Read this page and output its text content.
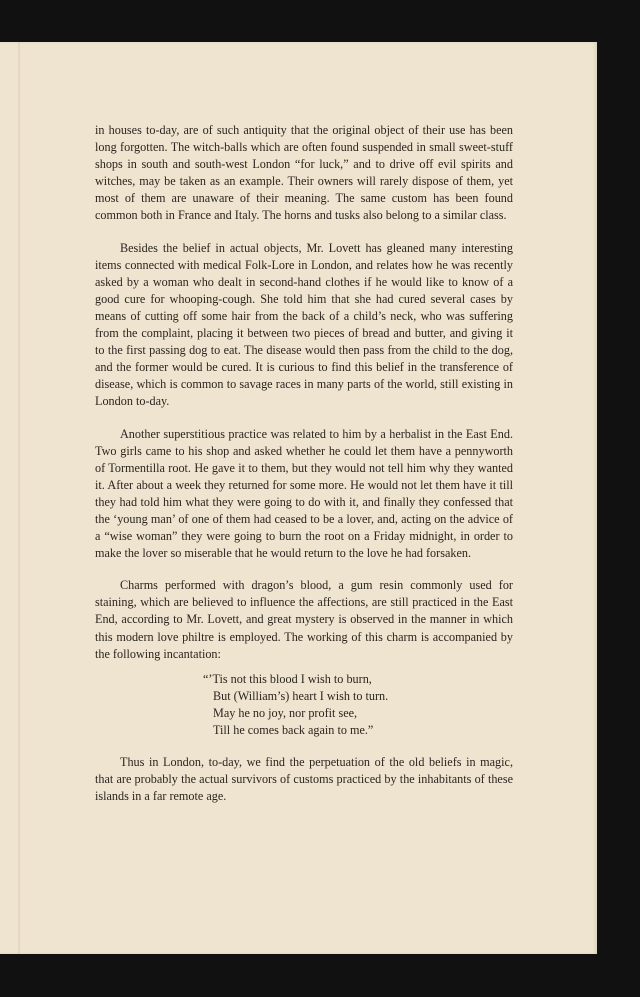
in houses to-day, are of such antiquity that the original object of their use has been long forgotten. The witch-balls which are often found suspended in small sweet-stuff shops in south and south-west London “for luck,” and to drive off evil spirits and witches, may be taken as an example. Their owners will rarely dispose of them, yet most of them are unaware of their meaning. The same custom has been found common both in France and Italy. The horns and tusks also belong to a similar class.

Besides the belief in actual objects, Mr. Lovett has gleaned many interesting items connected with medical Folk-Lore in London, and relates how he was recently asked by a woman who dealt in second-hand clothes if he would like to know of a good cure for whooping-cough. She told him that she had cured several cases by means of cutting off some hair from the back of a child’s neck, who was suffering from the complaint, placing it between two pieces of bread and butter, and giving it to the first passing dog to eat. The disease would then pass from the child to the dog, and the former would be cured. It is curious to find this belief in the transference of disease, which is common to savage races in many parts of the world, still existing in London to-day.

Another superstitious practice was related to him by a herbalist in the East End. Two girls came to his shop and asked whether he could let them have a pennyworth of Tormentilla root. He gave it to them, but they would not tell him why they wanted it. After about a week they returned for some more. He would not let them have it till they had told him what they were going to do with it, and finally they confessed that the ‘young man’ of one of them had ceased to be a lover, and, acting on the advice of a “wise woman” they were going to burn the root on a Friday midnight, in order to make the lover so miserable that he would return to the love he had forsaken.

Charms performed with dragon’s blood, a gum resin commonly used for staining, which are believed to influence the affections, are still practiced in the East End, according to Mr. Lovett, and great mystery is observed in the manner in which this modern love philtre is employed. The working of this charm is accompanied by the following incantation:

“’Tis not this blood I wish to burn,
But (William’s) heart I wish to turn.
May he no joy, nor profit see,
Till he comes back again to me.”

Thus in London, to-day, we find the perpetuation of the old beliefs in magic, that are probably the actual survivors of customs practiced by the inhabitants of these islands in a far remote age.
